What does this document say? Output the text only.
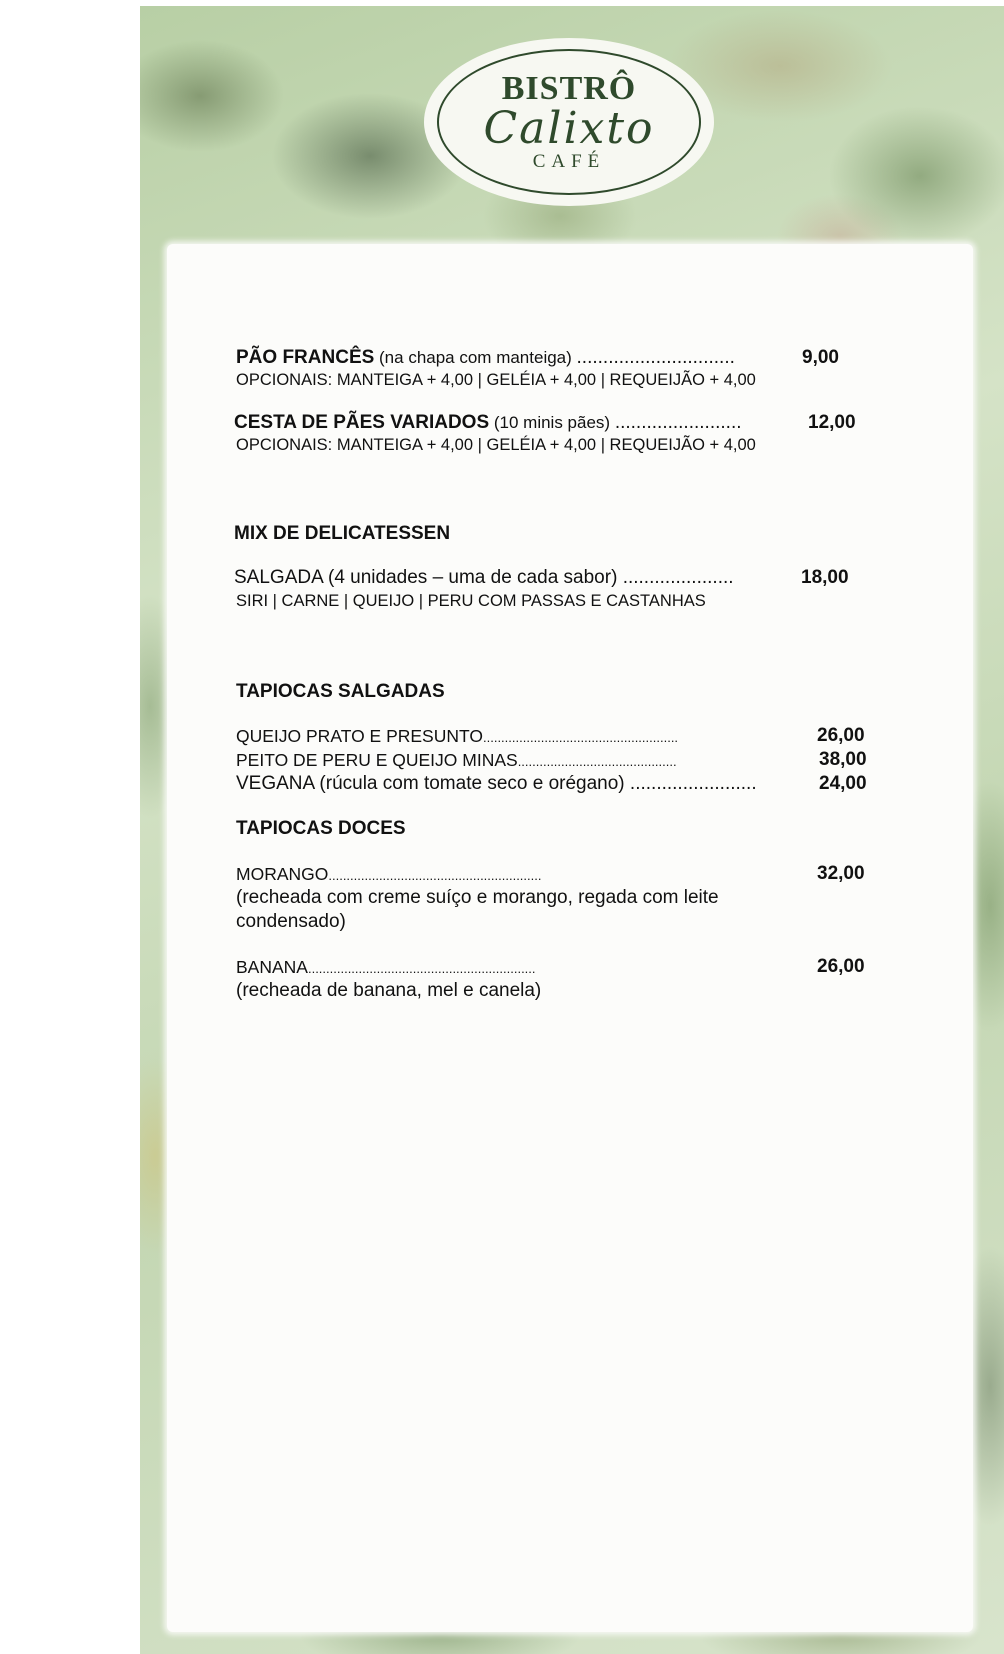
BISTRÔ
Calixto
CAFÉ
PÃO FRANCÊS (na chapa com manteiga) ..............................	9,00
OPCIONAIS: MANTEIGA + 4,00 | GELÉIA + 4,00 | REQUEIJÃO + 4,00
CESTA DE PÃES VARIADOS (10 minis pães) ........................	12,00
OPCIONAIS: MANTEIGA + 4,00 | GELÉIA + 4,00 | REQUEIJÃO + 4,00
MIX DE DELICATESSEN
SALGADA (4 unidades – uma de cada sabor) .....................	18,00
SIRI | CARNE | QUEIJO | PERU COM PASSAS E CASTANHAS
TAPIOCAS SALGADAS
QUEIJO PRATO E PRESUNTO......................................................	26,00
PEITO DE PERU E QUEIJO MINAS............................................	38,00
VEGANA (rúcula com tomate seco e orégano) ........................	24,00
TAPIOCAS DOCES
MORANGO...........................................................	32,00
(recheada com creme suíço e morango, regada com leite condensado)
BANANA...............................................................	26,00
(recheada de banana, mel e canela)
